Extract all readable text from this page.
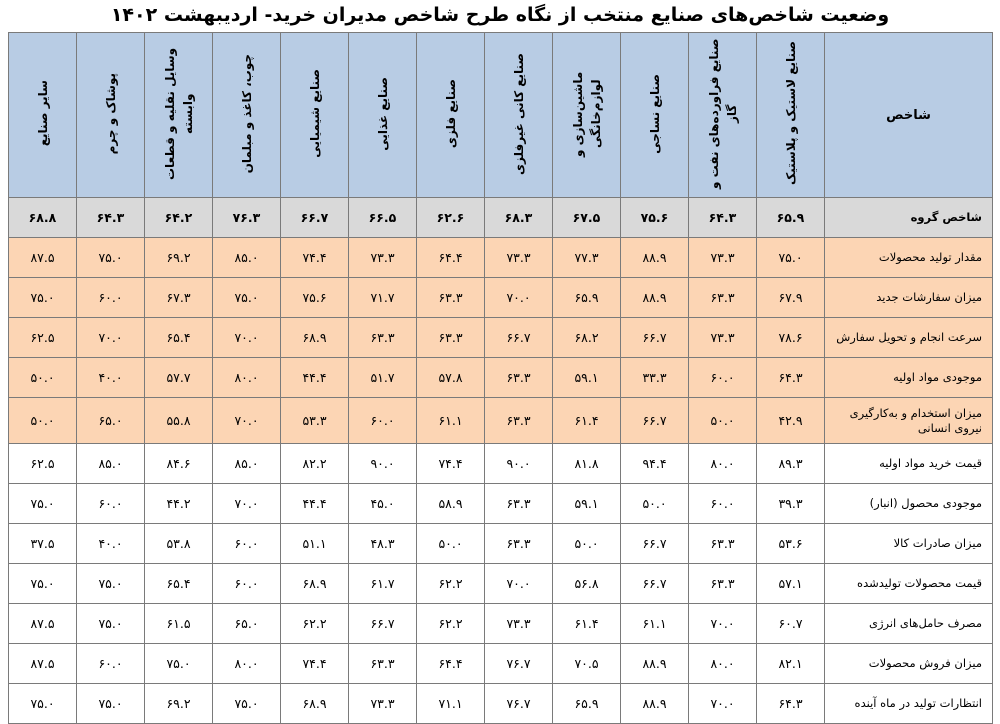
وضعیت شاخص‌های صنایع منتخب از نگاه طرح شاخص مدیران خرید- اردیبهشت ۱۴۰۲
شاخص	صنایع لاستیک و پلاستیک	صنایع فراورده‌های نفت و گاز	صنایع نساجی	ماشین‌سازی و لوازم‌خانگی	صنایع کانی غیرفلزی	صنایع فلزی	صنایع غذایی	صنایع شیمیایی	چوب، کاغذ و مبلمان	وسایل نقلیه و قطعات وابسته	پوشاک و چرم	سایر صنایع
شاخص گروه	۶۵.۹	۶۴.۳	۷۵.۶	۶۷.۵	۶۸.۳	۶۲.۶	۶۶.۵	۶۶.۷	۷۶.۳	۶۴.۲	۶۴.۳	۶۸.۸
مقدار تولید محصولات	۷۵.۰	۷۳.۳	۸۸.۹	۷۷.۳	۷۳.۳	۶۴.۴	۷۳.۳	۷۴.۴	۸۵.۰	۶۹.۲	۷۵.۰	۸۷.۵
میزان سفارشات جدید	۶۷.۹	۶۳.۳	۸۸.۹	۶۵.۹	۷۰.۰	۶۳.۳	۷۱.۷	۷۵.۶	۷۵.۰	۶۷.۳	۶۰.۰	۷۵.۰
سرعت انجام و تحویل سفارش	۷۸.۶	۷۳.۳	۶۶.۷	۶۸.۲	۶۶.۷	۶۳.۳	۶۳.۳	۶۸.۹	۷۰.۰	۶۵.۴	۷۰.۰	۶۲.۵
موجودی مواد اولیه	۶۴.۳	۶۰.۰	۳۳.۳	۵۹.۱	۶۳.۳	۵۷.۸	۵۱.۷	۴۴.۴	۸۰.۰	۵۷.۷	۴۰.۰	۵۰.۰
میزان استخدام و به‌کارگیری نیروی انسانی	۴۲.۹	۵۰.۰	۶۶.۷	۶۱.۴	۶۳.۳	۶۱.۱	۶۰.۰	۵۳.۳	۷۰.۰	۵۵.۸	۶۵.۰	۵۰.۰
قیمت خرید مواد اولیه	۸۹.۳	۸۰.۰	۹۴.۴	۸۱.۸	۹۰.۰	۷۴.۴	۹۰.۰	۸۲.۲	۸۵.۰	۸۴.۶	۸۵.۰	۶۲.۵
موجودی محصول (انبار)	۳۹.۳	۶۰.۰	۵۰.۰	۵۹.۱	۶۳.۳	۵۸.۹	۴۵.۰	۴۴.۴	۷۰.۰	۴۴.۲	۶۰.۰	۷۵.۰
میزان صادرات کالا	۵۳.۶	۶۳.۳	۶۶.۷	۵۰.۰	۶۳.۳	۵۰.۰	۴۸.۳	۵۱.۱	۶۰.۰	۵۳.۸	۴۰.۰	۳۷.۵
قیمت محصولات تولیدشده	۵۷.۱	۶۳.۳	۶۶.۷	۵۶.۸	۷۰.۰	۶۲.۲	۶۱.۷	۶۸.۹	۶۰.۰	۶۵.۴	۷۵.۰	۷۵.۰
مصرف حامل‌های انرژی	۶۰.۷	۷۰.۰	۶۱.۱	۶۱.۴	۷۳.۳	۶۲.۲	۶۶.۷	۶۲.۲	۶۵.۰	۶۱.۵	۷۵.۰	۸۷.۵
میزان فروش محصولات	۸۲.۱	۸۰.۰	۸۸.۹	۷۰.۵	۷۶.۷	۶۴.۴	۶۳.۳	۷۴.۴	۸۰.۰	۷۵.۰	۶۰.۰	۸۷.۵
انتظارات تولید در ماه آینده	۶۴.۳	۷۰.۰	۸۸.۹	۶۵.۹	۷۶.۷	۷۱.۱	۷۳.۳	۶۸.۹	۷۵.۰	۶۹.۲	۷۵.۰	۷۵.۰
